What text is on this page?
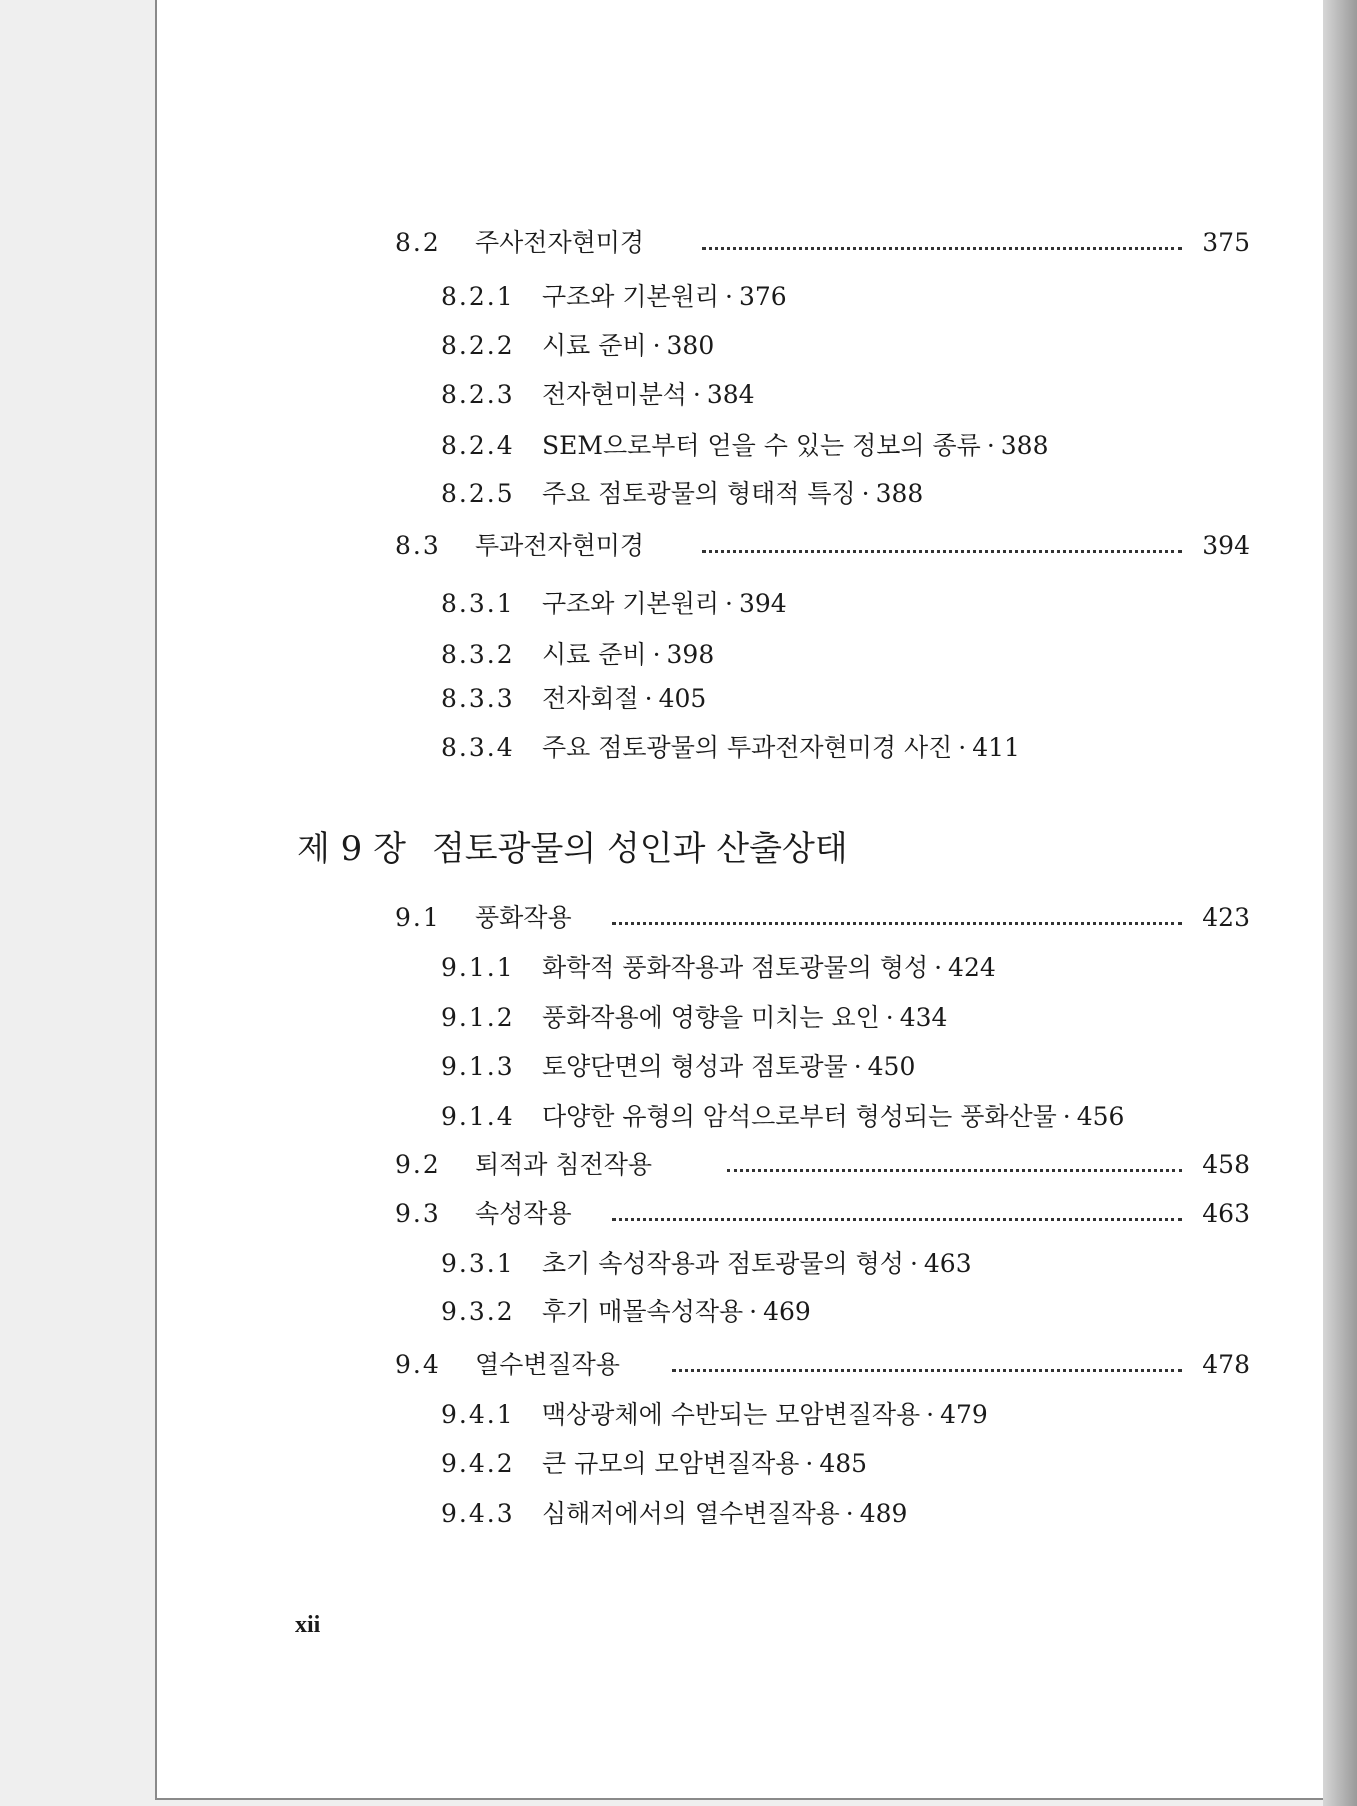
8.2 주사전자현미경	375
8.2.1 구조와 기본원리 · 376
8.2.2 시료 준비 · 380
8.2.3 전자현미분석 · 384
8.2.4 SEM으로부터 얻을 수 있는 정보의 종류 · 388
8.2.5 주요 점토광물의 형태적 특징 · 388
8.3 투과전자현미경	394
8.3.1 구조와 기본원리 · 394
8.3.2 시료 준비 · 398
8.3.3 전자회절 · 405
8.3.4 주요 점토광물의 투과전자현미경 사진 · 411
제 9 장 점토광물의 성인과 산출상태
9.1 풍화작용	423
9.1.1 화학적 풍화작용과 점토광물의 형성 · 424
9.1.2 풍화작용에 영향을 미치는 요인 · 434
9.1.3 토양단면의 형성과 점토광물 · 450
9.1.4 다양한 유형의 암석으로부터 형성되는 풍화산물 · 456
9.2 퇴적과 침전작용	458
9.3 속성작용	463
9.3.1 초기 속성작용과 점토광물의 형성 · 463
9.3.2 후기 매몰속성작용 · 469
9.4 열수변질작용	478
9.4.1 맥상광체에 수반되는 모암변질작용 · 479
9.4.2 큰 규모의 모암변질작용 · 485
9.4.3 심해저에서의 열수변질작용 · 489
xii
